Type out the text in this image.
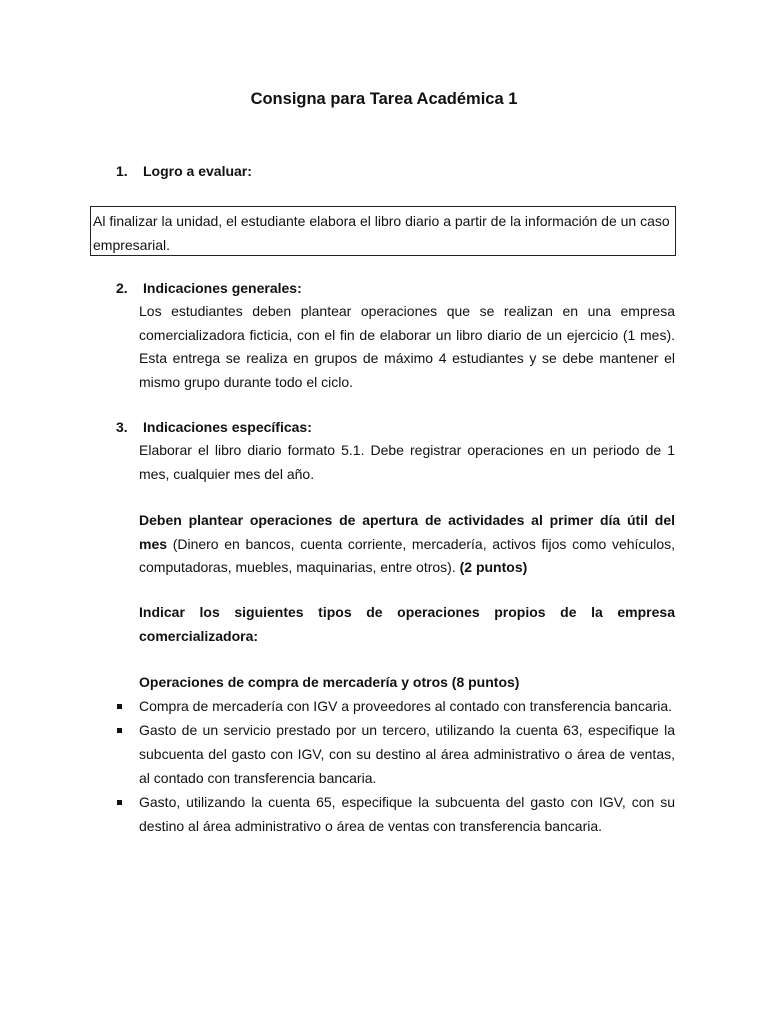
Consigna para Tarea Académica 1
1. Logro a evaluar:
Al finalizar la unidad, el estudiante elabora el libro diario a partir de la información de un caso empresarial.
2. Indicaciones generales:
Los estudiantes deben plantear operaciones que se realizan en una empresa comercializadora ficticia, con el fin de elaborar un libro diario de un ejercicio (1 mes). Esta entrega se realiza en grupos de máximo 4 estudiantes y se debe mantener el mismo grupo durante todo el ciclo.
3. Indicaciones específicas:
Elaborar el libro diario formato 5.1. Debe registrar operaciones en un periodo de 1 mes, cualquier mes del año.
Deben plantear operaciones de apertura de actividades al primer día útil del mes (Dinero en bancos, cuenta corriente, mercadería, activos fijos como vehículos, computadoras, muebles, maquinarias, entre otros). (2 puntos)
Indicar los siguientes tipos de operaciones propios de la empresa comercializadora:
Operaciones de compra de mercadería y otros (8 puntos)
Compra de mercadería con IGV a proveedores al contado con transferencia bancaria.
Gasto de un servicio prestado por un tercero, utilizando la cuenta 63, especifique la subcuenta del gasto con IGV, con su destino al área administrativo o área de ventas, al contado con transferencia bancaria.
Gasto, utilizando la cuenta 65, especifique la subcuenta del gasto con IGV, con su destino al área administrativo o área de ventas con transferencia bancaria.
